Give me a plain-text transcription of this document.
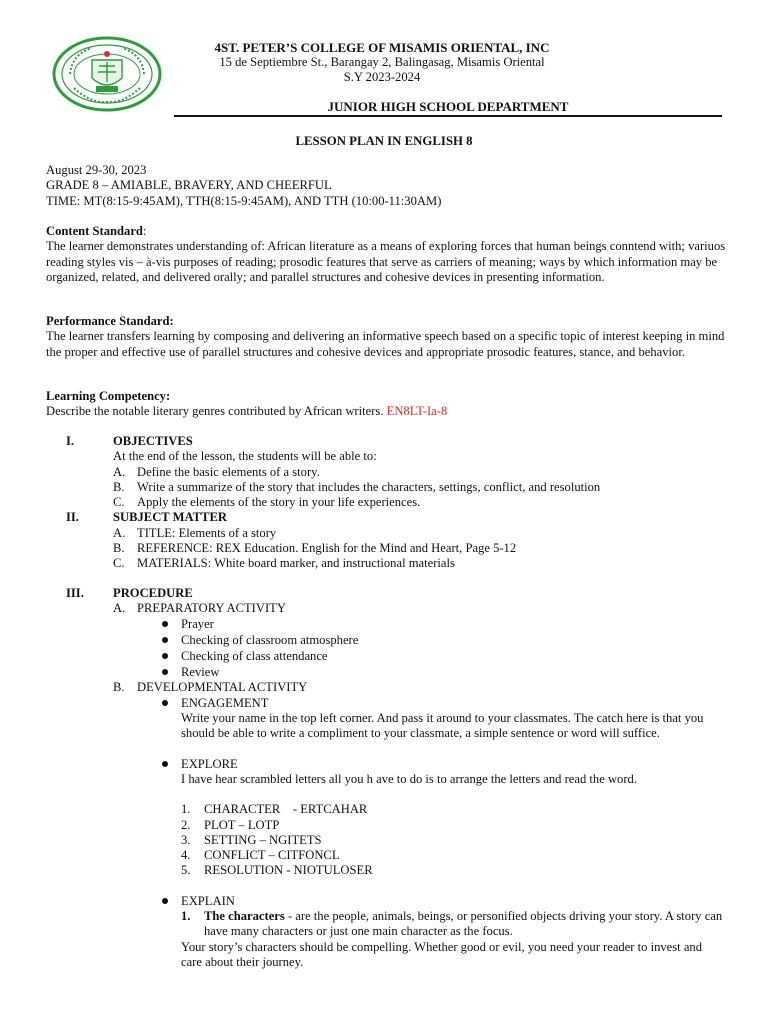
4ST. PETER’S COLLEGE OF MISAMIS ORIENTAL, INC
15 de Septiembre St., Barangay 2, Balingasag, Misamis Oriental
S.Y 2023-2024
JUNIOR HIGH SCHOOL DEPARTMENT
LESSON PLAN IN ENGLISH 8
August 29-30, 2023
GRADE 8 – AMIABLE, BRAVERY, AND CHEERFUL
TIME: MT(8:15-9:45AM), TTH(8:15-9:45AM), AND TTH (10:00-11:30AM)
Content Standard:
The learner demonstrates understanding of: African literature as a means of exploring forces that human beings conntend with; variuos reading styles vis – à-vis purposes of reading; prosodic features that serve as carriers of meaning; ways by which information may be organized, related, and delivered orally; and parallel structures and cohesive devices in presenting information.
Performance Standard:
The learner transfers learning by composing and delivering an informative speech based on a specific topic of interest keeping in mind the proper and effective use of parallel structures and cohesive devices and appropriate prosodic features, stance, and behavior.
Learning Competency:
Describe the notable literary genres contributed by African writers. EN8LT-Ia-8
I.	OBJECTIVES
At the end of the lesson, the students will be able to:
A. Define the basic elements of a story.
B. Write a summarize of the story that includes the characters, settings, conflict, and resolution
C. Apply the elements of the story in your life experiences.
II.	SUBJECT MATTER
A. TITLE: Elements of a story
B. REFERENCE: REX Education. English for the Mind and Heart, Page 5-12
C. MATERIALS: White board marker, and instructional materials
III. PROCEDURE
A. PREPARATORY ACTIVITY
Prayer
Checking of classroom atmosphere
Checking of class attendance
Review
B. DEVELOPMENTAL ACTIVITY
ENGAGEMENT
Write your name in the top left corner. And pass it around to your classmates. The catch here is that you should be able to write a compliment to your classmate, a simple sentence or word will suffice.
EXPLORE
I have hear scrambled letters all you h ave to do is to arrange the letters and read the word.
1. CHARACTER    - ERTCAHAR
2. PLOT – LOTP
3. SETTING – NGITETS
4. CONFLICT – CITFONCL
5. RESOLUTION - NIOTULOSER
EXPLAIN
1. The characters - are the people, animals, beings, or personified objects driving your story. A story can have many characters or just one main character as the focus.
Your story’s characters should be compelling. Whether good or evil, you need your reader to invest and care about their journey.
